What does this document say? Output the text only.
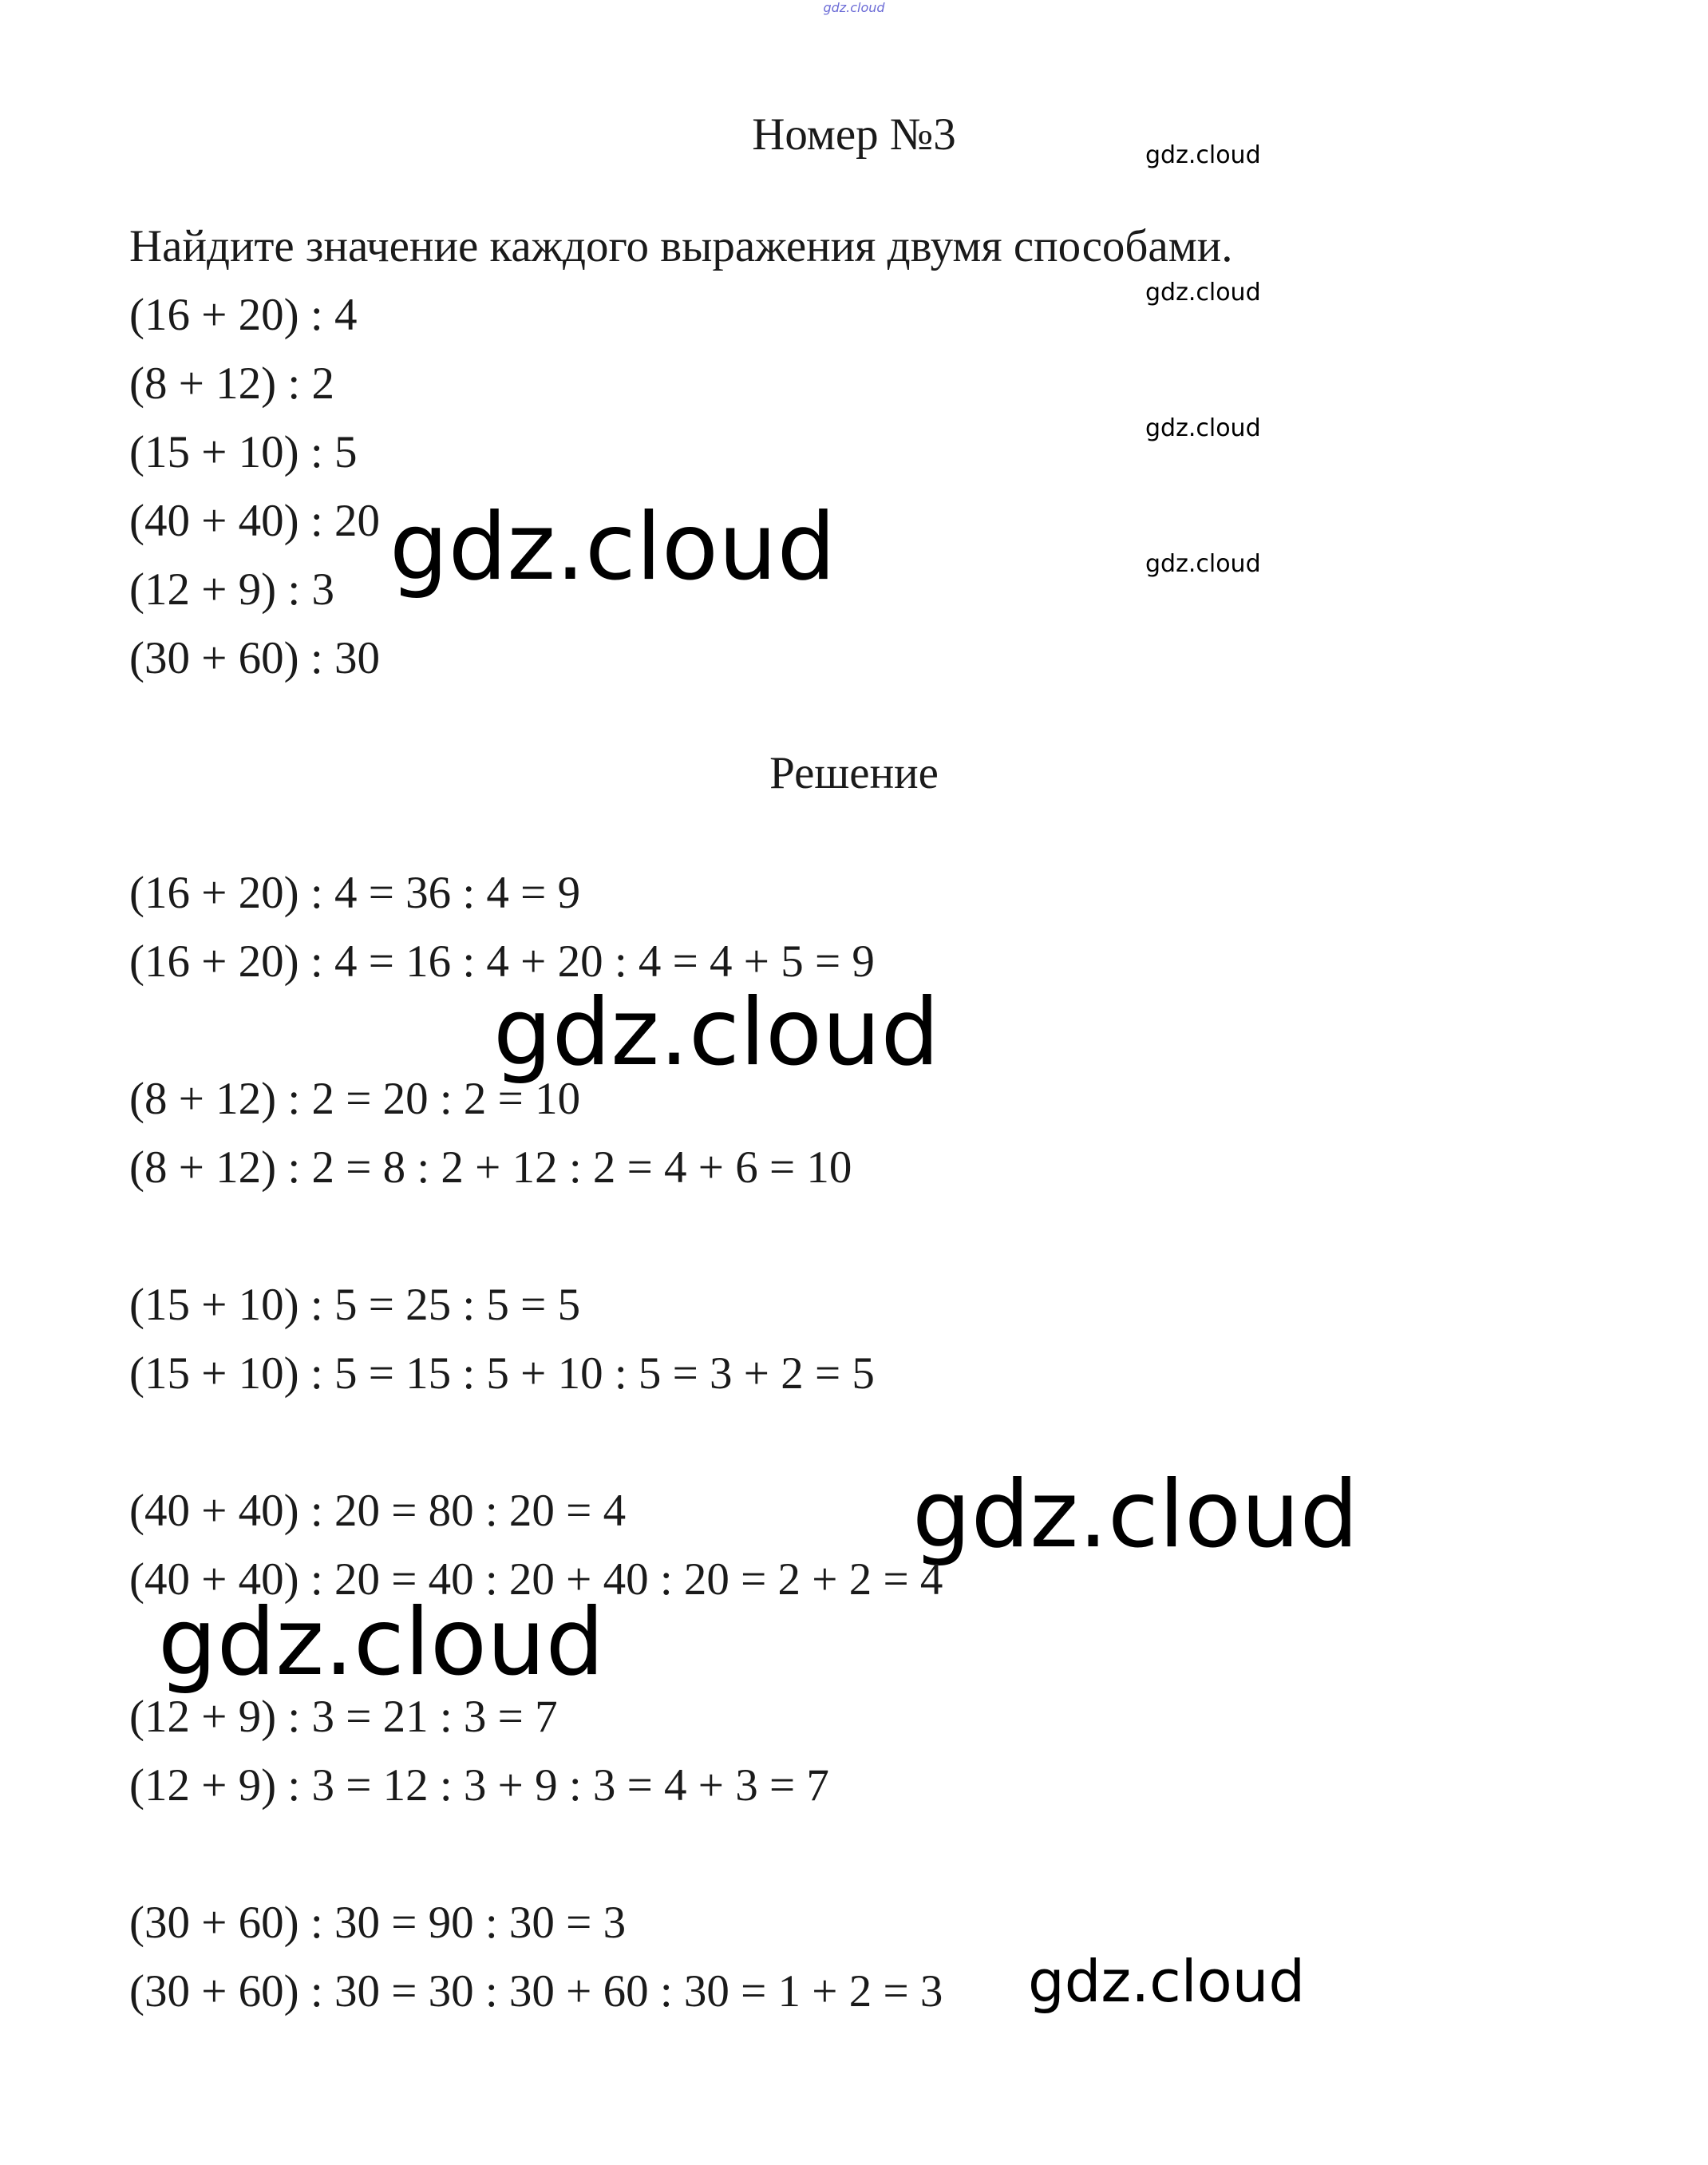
gdz.cloud
Номер №3	gdz.cloud
gdz.cloud
gdz.cloud
gdz.cloud
Найдите значение каждого выражения двумя способами.
(16 + 20) : 4
(8 + 12) : 2
(15 + 10) : 5
(40 + 40) : 20
(12 + 9) : 3
(30 + 60) : 30
gdz.cloud
Решение
(16 + 20) : 4 = 36 : 4 = 9
(16 + 20) : 4 = 16 : 4 + 20 : 4 = 4 + 5 = 9
gdz.cloud
(8 + 12) : 2 = 20 : 2 = 10
(8 + 12) : 2 = 8 : 2 + 12 : 2 = 4 + 6 = 10
(15 + 10) : 5 = 25 : 5 = 5
(15 + 10) : 5 = 15 : 5 + 10 : 5 = 3 + 2 = 5
(40 + 40) : 20 = 80 : 20 = 4	gdz.cloud
(40 + 40) : 20 = 40 : 20 + 40 : 20 = 2 + 2 = 4
gdz.cloud
(12 + 9) : 3 = 21 : 3 = 7
(12 + 9) : 3 = 12 : 3 + 9 : 3 = 4 + 3 = 7
(30 + 60) : 30 = 90 : 30 = 3
(30 + 60) : 30 = 30 : 30 + 60 : 30 = 1 + 2 = 3 gdz.cloud
